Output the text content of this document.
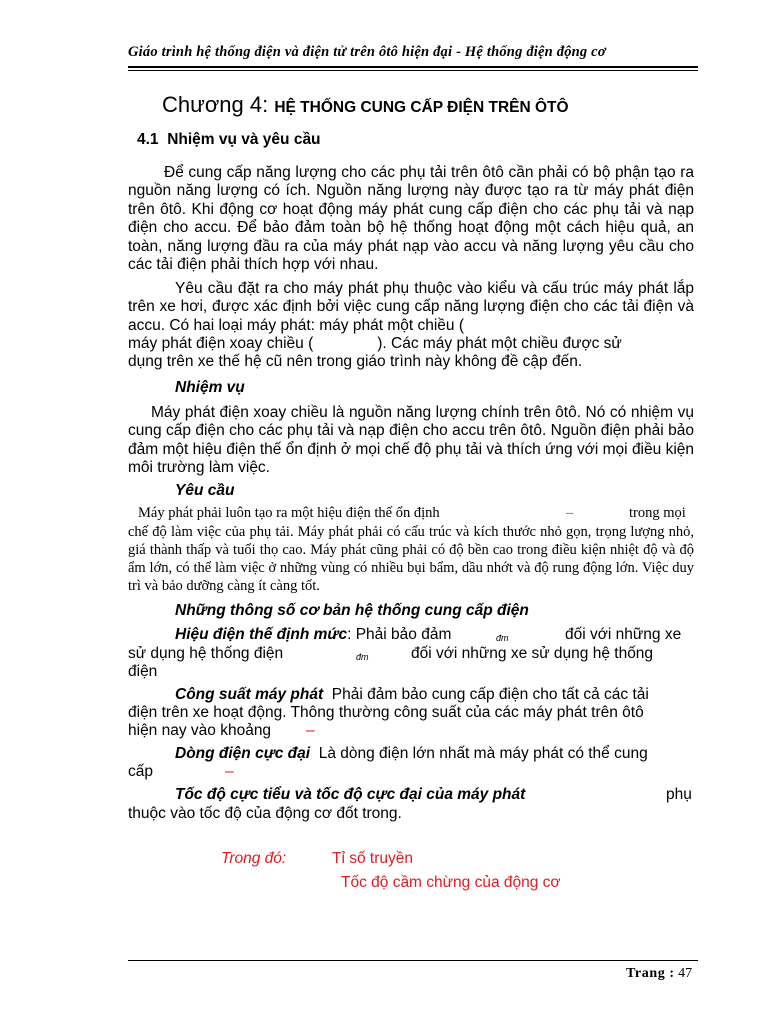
Giáo trình hệ thống điện và điện tử trên ôtô hiện đại - Hệ thống điện động cơ
Chương 4: HỆ THỐNG CUNG CẤP ĐIỆN TRÊN ÔTÔ
4.1 Nhiệm vụ và yêu cầu
Để cung cấp năng lượng cho các phụ tải trên ôtô cần phải có bộ phận tạo ra nguồn năng lượng có ích. Nguồn năng lượng này được tạo ra từ máy phát điện trên ôtô. Khi động cơ hoạt động máy phát cung cấp điện cho các phụ tải và nạp điện cho accu. Để bảo đảm toàn bộ hệ thống hoạt động một cách hiệu quả, an toàn, năng lượng đầu ra của máy phát nạp vào accu và năng lượng yêu cầu cho các tải điện phải thích hợp với nhau.
Yêu cầu đặt ra cho máy phát phụ thuộc vào kiểu và cấu trúc máy phát lắp trên xe hơi, được xác định bởi việc cung cấp năng lượng điện cho các tải điện và accu. Có hai loại máy phát: máy phát một chiều (
máy phát điện xoay chiều (	). Các máy phát một chiều được sử
dụng trên xe thế hệ cũ nên trong giáo trình này không đề cập đến.
Nhiệm vụ
Máy phát điện xoay chiều là nguồn năng lượng chính trên ôtô. Nó có nhiệm vụ cung cấp điện cho các phụ tải và nạp điện cho accu trên ôtô. Nguồn điện phải bảo đảm một hiệu điện thế ổn định ở mọi chế độ phụ tải và thích ứng với mọi điều kiện môi trường làm việc.
Yêu cầu
Máy phát phải luôn tạo ra một hiệu điện thế ổn định	–	trong mọi
chế độ làm việc của phụ tải. Máy phát phải có cấu trúc và kích thước nhỏ gọn, trọng lượng nhỏ, giá thành thấp và tuổi thọ cao. Máy phát cũng phải có độ bền cao trong điều kiện nhiệt độ và độ ẩm lớn, có thể làm việc ở những vùng có nhiều bụi bẩm, dầu nhớt và độ rung động lớn. Việc duy trì và bảo dưỡng càng ít càng tốt.
Những thông số cơ bản hệ thống cung cấp điện
Hiệu điện thế định mức: Phải bảo đảm	đm	đối với những xe
sử dụng hệ thống điện	đm	đối với những xe sử dụng hệ thống
điện
Công suất máy phát Phải đảm bảo cung cấp điện cho tất cả các tải
điện trên xe hoạt động. Thông thường công suất của các máy phát trên ôtô
hiện nay vào khoảng –
Dòng điện cực đại Là dòng điện lớn nhất mà máy phát có thể cung
cấp	–
Tốc độ cực tiểu và tốc độ cực đại của máy phát	phụ
thuộc vào tốc độ của động cơ đốt trong.
Trong đó:	Tỉ số truyền
Tốc độ cầm chừng của động cơ
Trang : 47
